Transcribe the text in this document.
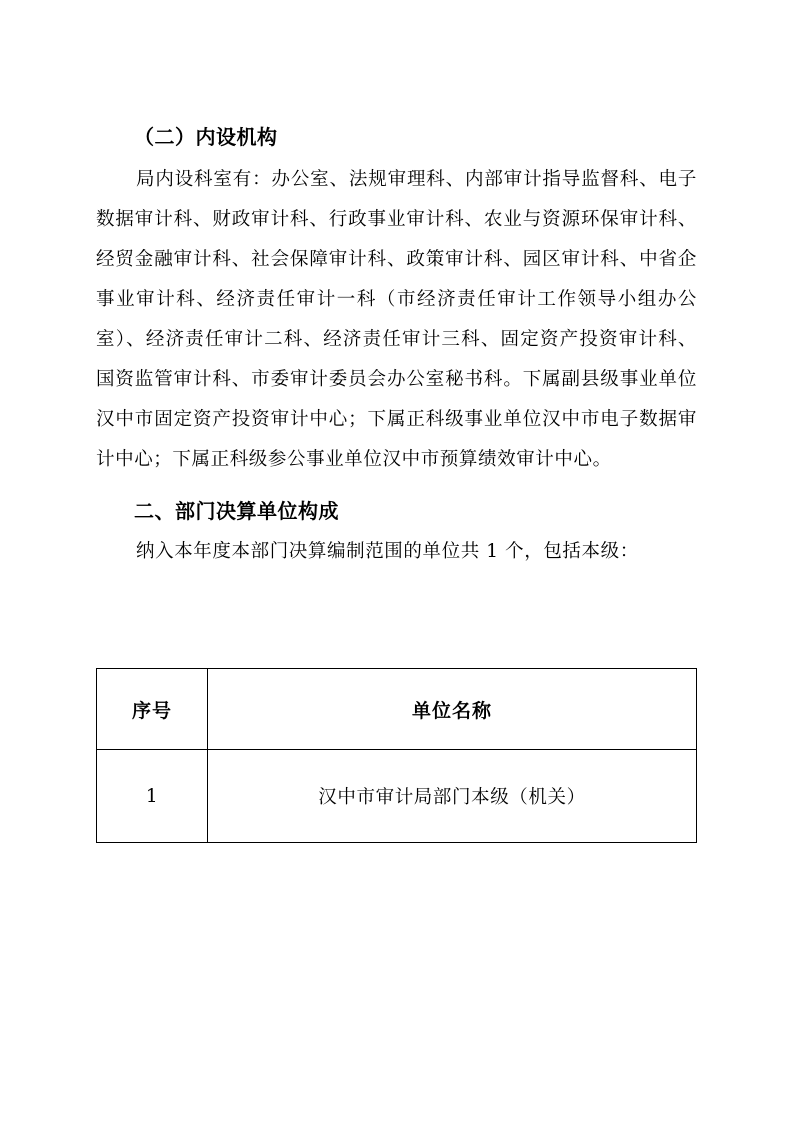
（二）内设机构

局内设科室有：办公室、法规审理科、内部审计指导监督科、电子数据审计科、财政审计科、行政事业审计科、农业与资源环保审计科、经贸金融审计科、社会保障审计科、政策审计科、园区审计科、中省企事业审计科、经济责任审计一科（市经济责任审计工作领导小组办公室）、经济责任审计二科、经济责任审计三科、固定资产投资审计科、国资监管审计科、市委审计委员会办公室秘书科。下属副县级事业单位汉中市固定资产投资审计中心；下属正科级事业单位汉中市电子数据审计中心；下属正科级参公事业单位汉中市预算绩效审计中心。

二、部门决算单位构成

纳入本年度本部门决算编制范围的单位共 1 个，包括本级：

序号	单位名称
1	汉中市审计局部门本级（机关）
